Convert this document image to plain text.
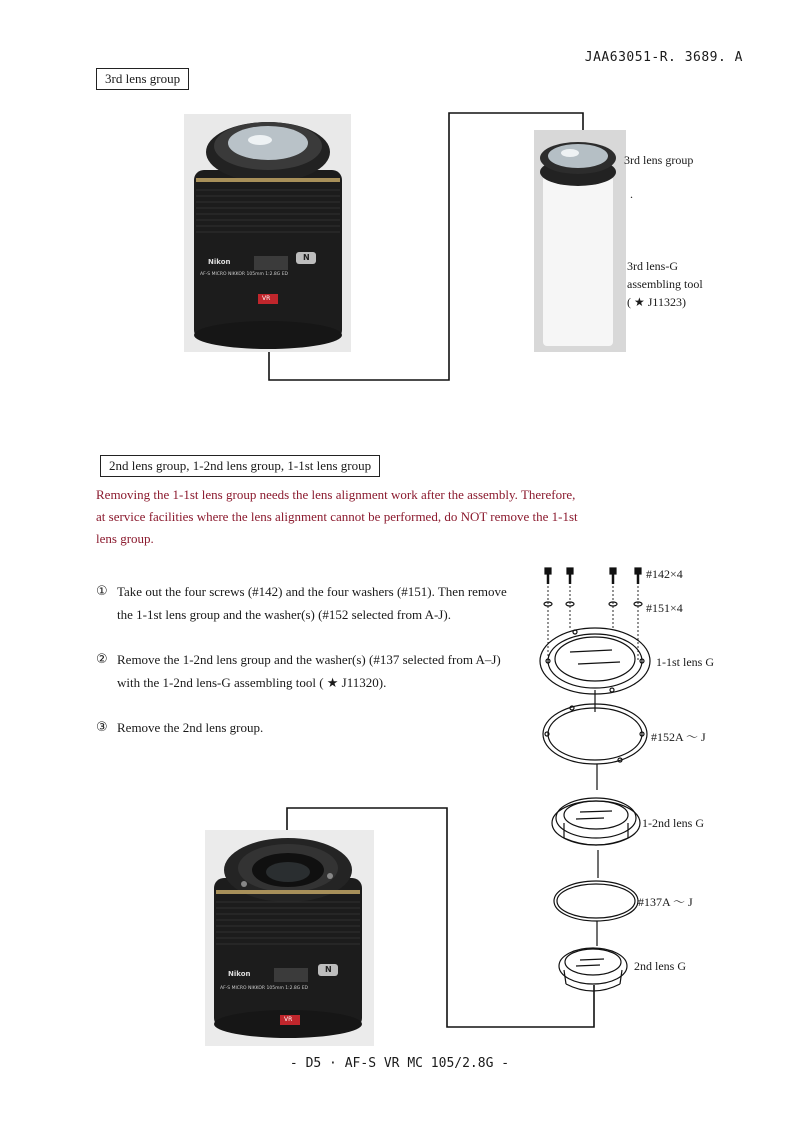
JAA63051-R. 3689. A
3rd lens group
Nikon	N
AF-S MICRO NIKKOR 105mm 1:2.8G ED
VR
3rd lens group
.
3rd lens-G
assembling tool
( ★ J11323)
2nd lens group, 1-2nd lens group, 1-1st lens group
Removing the 1-1st lens group needs the lens alignment work after the assembly. Therefore, at service facilities where the lens alignment cannot be performed, do NOT remove the 1-1st lens group.
① Take out the four screws (#142) and the four washers (#151). Then remove the 1-1st lens group and the washer(s) (#152 selected from A-J).
② Remove the 1-2nd lens group and the washer(s) (#137 selected from A–J) with the 1-2nd lens-G assembling tool ( ★ J11320).
③ Remove the 2nd lens group.
#142×4
#151×4
1-1st lens G
#152A ～ J
1-2nd lens G
#137A ～ J
2nd lens G
Nikon	N
AF-S MICRO NIKKOR 105mm 1:2.8G ED
VR
- D5 · AF-S VR MC 105/2.8G -
